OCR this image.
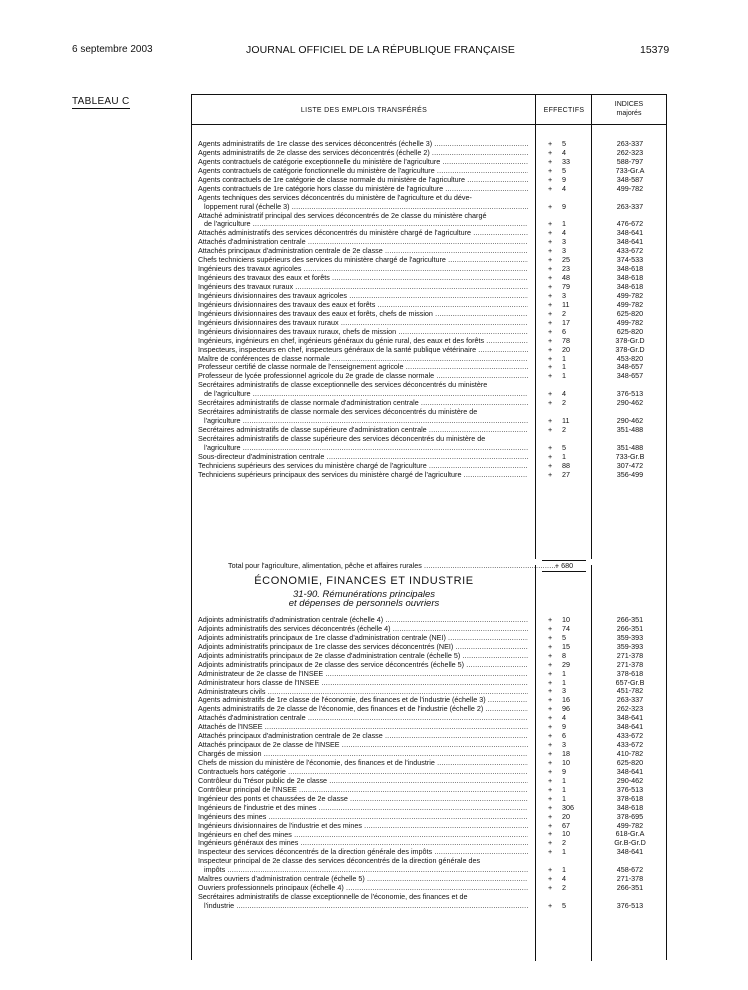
6 septembre 2003	JOURNAL OFFICIEL DE LA RÉPUBLIQUE FRANÇAISE	15379
TABLEAU C
LISTE DES EMPLOIS TRANSFÉRÉS	EFFECTIFS
INDICES
majorés
Agents administratifs de 1re classe des services déconcentrés (échelle 3) .....	+ 5	263-337
Agents administratifs de 2e classe des services déconcentrés (échelle 2) .....	+ 4	262-323
Agents contractuels de catégorie exceptionnelle du ministère de l'agriculture .....	+ 33	588-797
Agents contractuels de catégorie fonctionnelle du ministère de l'agriculture .....	+ 5	733-Gr.A
Agents contractuels de 1re catégorie de classe normale du ministère de l'agriculture .....	+ 9	348-587
Agents contractuels de 1re catégorie hors classe du ministère de l'agriculture .....	+ 4	499-782
Agents techniques des services déconcentrés du ministère de l'agriculture et du déve-
loppement rural (échelle 3) .....	+ 9	263-337
Attaché administratif principal des services déconcentrés de 2e classe du ministère chargé
de l'agriculture .....	+ 1	476-672
Attachés administratifs des services déconcentrés du ministère chargé de l'agriculture .....	+ 4	348-641
Attachés d'administration centrale .....	+ 3	348-641
Attachés principaux d'administration centrale de 2e classe .....	+ 3	433-672
Chefs techniciens supérieurs des services du ministère chargé de l'agriculture .....	+ 25	374-533
Ingénieurs des travaux agricoles .....	+ 23	348-618
Ingénieurs des travaux des eaux et forêts .....	+ 48	348-618
Ingénieurs des travaux ruraux .....	+ 79	348-618
Ingénieurs divisionnaires des travaux agricoles .....	+ 3	499-782
Ingénieurs divisionnaires des travaux des eaux et forêts .....	+ 11	499-782
Ingénieurs divisionnaires des travaux des eaux et forêts, chefs de mission .....	+ 2	625-820
Ingénieurs divisionnaires des travaux ruraux .....	+ 17	499-782
Ingénieurs divisionnaires des travaux ruraux, chefs de mission .....	+ 6	625-820
Ingénieurs, ingénieurs en chef, ingénieurs généraux du génie rural, des eaux et des forêts .....	+ 78	378-Gr.D
Inspecteurs, inspecteurs en chef, inspecteurs généraux de la santé publique vétérinaire .....	+ 20	378-Gr.D
Maître de conférences de classe normale .....	+ 1	453-820
Professeur certifié de classe normale de l'enseignement agricole .....	+ 1	348-657
Professeur de lycée professionnel agricole du 2e grade de classe normale .....	+ 1	348-657
Secrétaires administratifs de classe exceptionnelle des services déconcentrés du ministère
de l'agriculture .....	+ 4	376-513
Secrétaires administratifs de classe normale d'administration centrale .....	+ 2	290-462
Secrétaires administratifs de classe normale des services déconcentrés du ministère de
l'agriculture .....	+ 11	290-462
Secrétaires administratifs de classe supérieure d'administration centrale .....	+ 2	351-488
Secrétaires administratifs de classe supérieure des services déconcentrés du ministère de
l'agriculture .....	+ 5	351-488
Sous-directeur d'administration centrale .....	+ 1	733-Gr.B
Techniciens supérieurs des services du ministère chargé de l'agriculture .....	+ 88	307-472
Techniciens supérieurs principaux des services du ministère chargé de l'agriculture .....	+ 27	356-499
Total pour l'agriculture, alimentation, pêche et affaires rurales .....	+ 680
ÉCONOMIE, FINANCES ET INDUSTRIE
31-90. Rémunérations principales
et dépenses de personnels ouvriers
Adjoints administratifs d'administration centrale (échelle 4) .....	+ 10	266-351
Adjoints administratifs des services déconcentrés (échelle 4) .....	+ 74	266-351
Adjoints administratifs principaux de 1re classe d'administration centrale (NEI) .....	+ 5	359-393
Adjoints administratifs principaux de 1re classe des services déconcentrés (NEI) .....	+ 15	359-393
Adjoints administratifs principaux de 2e classe d'administration centrale (échelle 5) .....	+ 8	271-378
Adjoints administratifs principaux de 2e classe des service déconcentrés (échelle 5) .....	+ 29	271-378
Administrateur de 2e classe de l'INSEE .....	+ 1	378-618
Administrateur hors classe de l'INSEE .....	+ 1	657-Gr.B
Administrateurs civils .....	+ 3	451-782
Agents administratifs de 1re classe de l'économie, des finances et de l'industrie (échelle 3) .....	+ 16	263-337
Agents administratifs de 2e classe de l'économie, des finances et de l'industrie (échelle 2) .....	+ 96	262-323
Attachés d'administration centrale .....	+ 4	348-641
Attachés de l'INSEE .....	+ 9	348-641
Attachés principaux d'administration centrale de 2e classe .....	+ 6	433-672
Attachés principaux de 2e classe de l'INSEE .....	+ 3	433-672
Chargés de mission .....	+ 18	410-782
Chefs de mission du ministère de l'économie, des finances et de l'industrie .....	+ 10	625-820
Contractuels hors catégorie .....	+ 9	348-641
Contrôleur du Trésor public de 2e classe .....	+ 1	290-462
Contrôleur principal de l'INSEE .....	+ 1	376-513
Ingénieur des ponts et chaussées de 2e classe .....	+ 1	378-618
Ingénieurs de l'industrie et des mines .....	+ 306	348-618
Ingénieurs des mines .....	+ 20	378-695
Ingénieurs divisionnaires de l'industrie et des mines .....	+ 67	499-782
Ingénieurs en chef des mines .....	+ 10	618-Gr.A
Ingénieurs généraux des mines .....	+ 2	Gr.B-Gr.D
Inspecteur des services déconcentrés de la direction générale des impôts .....	+ 1	348-641
Inspecteur principal de 2e classe des services déconcentrés de la direction générale des
impôts .....	+ 1	458-672
Maîtres ouvriers d'administration centrale (échelle 5) .....	+ 4	271-378
Ouvriers professionnels principaux (échelle 4) .....	+ 2	266-351
Secrétaires administratifs de classe exceptionnelle de l'économie, des finances et de
l'industrie .....	+ 5	376-513
